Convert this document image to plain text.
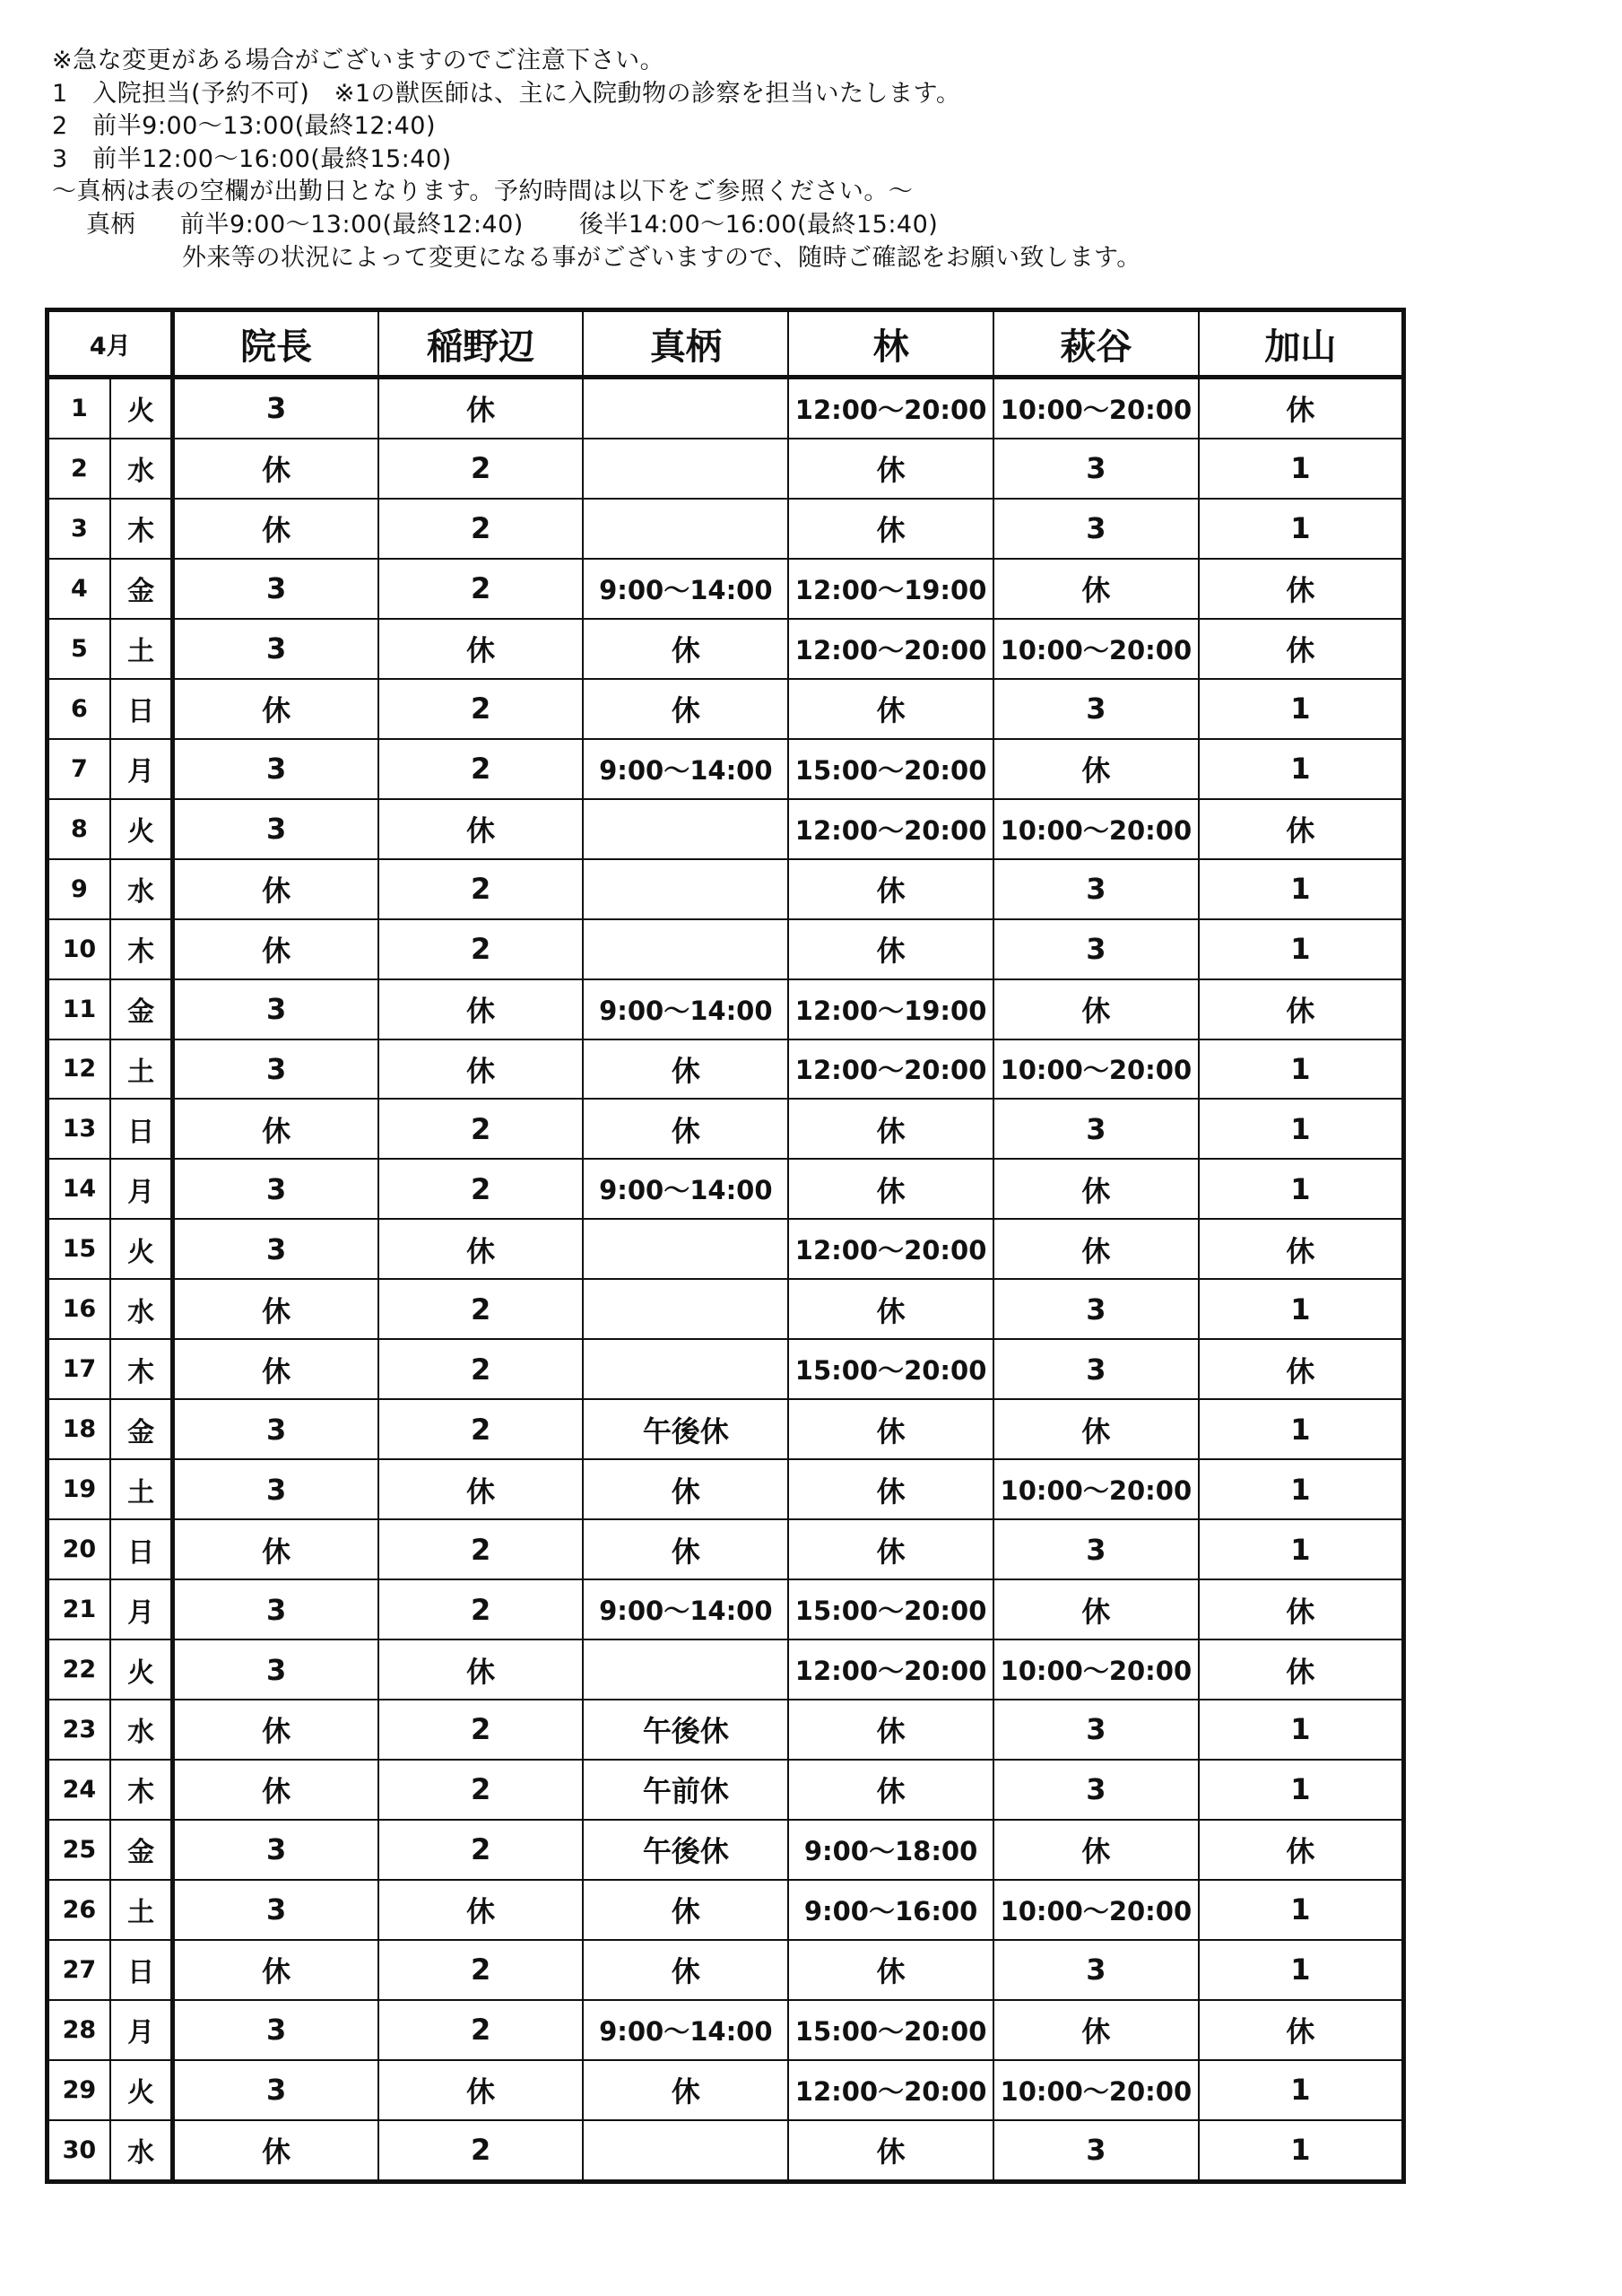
※急な変更がある場合がございますのでご注意下さい。
1　入院担当(予約不可)　※1の獣医師は、主に入院動物の診察を担当いたします。
2　前半9:00～13:00(最終12:40)
3　前半12:00～16:00(最終15:40)
～真柄は表の空欄が出勤日となります。予約時間は以下をご参照ください。～
真柄 前半9:00～13:00(最終12:40) 後半14:00～16:00(最終15:40)
外来等の状況によって変更になる事がございますので、随時ご確認をお願い致します。
4月		院長	稲野辺	真柄	林	萩谷	加山
1	火	3	休		12:00～20:00	10:00～20:00	休
2	水	休	2		休	3	1
3	木	休	2		休	3	1
4	金	3	2	9:00～14:00	12:00～19:00	休	休
5	土	3	休	休	12:00～20:00	10:00～20:00	休
6	日	休	2	休	休	3	1
7	月	3	2	9:00～14:00	15:00～20:00	休	1
8	火	3	休		12:00～20:00	10:00～20:00	休
9	水	休	2		休	3	1
10	木	休	2		休	3	1
11	金	3	休	9:00～14:00	12:00～19:00	休	休
12	土	3	休	休	12:00～20:00	10:00～20:00	1
13	日	休	2	休	休	3	1
14	月	3	2	9:00～14:00	休	休	1
15	火	3	休		12:00～20:00	休	休
16	水	休	2		休	3	1
17	木	休	2		15:00～20:00	3	休
18	金	3	2	午後休	休	休	1
19	土	3	休	休	休	10:00～20:00	1
20	日	休	2	休	休	3	1
21	月	3	2	9:00～14:00	15:00～20:00	休	休
22	火	3	休		12:00～20:00	10:00～20:00	休
23	水	休	2	午後休	休	3	1
24	木	休	2	午前休	休	3	1
25	金	3	2	午後休	9:00～18:00	休	休
26	土	3	休	休	9:00～16:00	10:00～20:00	1
27	日	休	2	休	休	3	1
28	月	3	2	9:00～14:00	15:00～20:00	休	休
29	火	3	休	休	12:00～20:00	10:00～20:00	1
30	水	休	2		休	3	1
